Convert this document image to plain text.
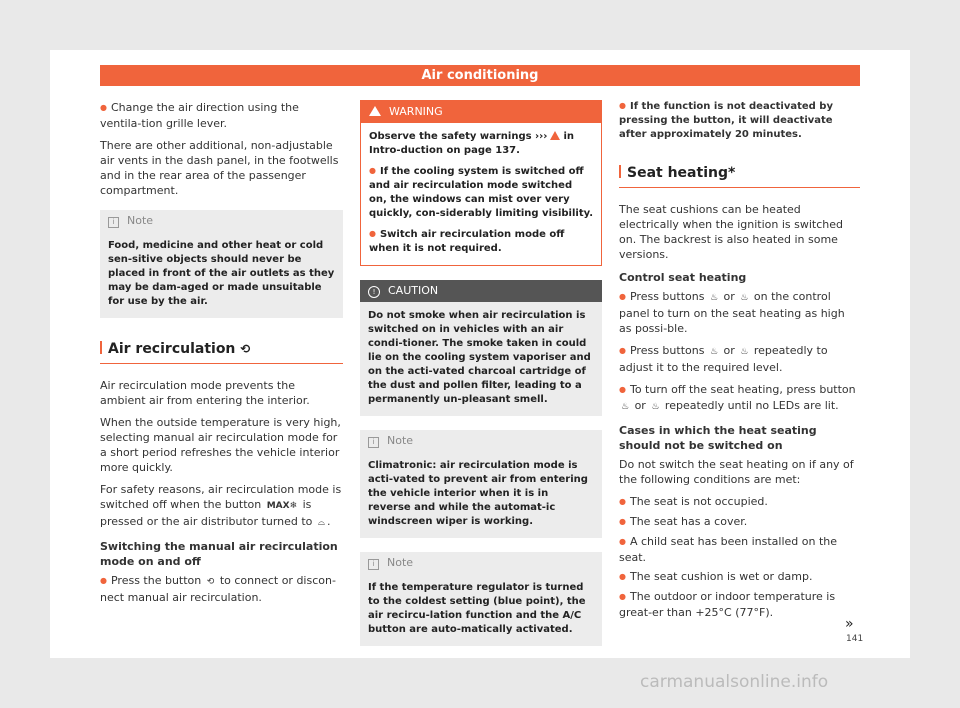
Air conditioning

● Change the air direction using the ventila-tion grille lever.

There are other additional, non-adjustable air vents in the dash panel, in the footwells and in the rear area of the passenger compartment.

i Note
Food, medicine and other heat or cold sen-sitive objects should never be placed in front of the air outlets as they may be dam-aged or made unsuitable for use by the air.
Air recirculation ⟲

Air recirculation mode prevents the ambient air from entering the interior.

When the outside temperature is very high, selecting manual air recirculation mode for a short period refreshes the vehicle interior more quickly.

For safety reasons, air recirculation mode is switched off when the button MAX❄ is pressed or the air distributor turned to ⌓ .

Switching the manual air recirculation mode on and off

● Press the button ⟲ to connect or discon-nect manual air recirculation.

WARNING

Observe the safety warnings ››› in Intro-duction on page 137.

● If the cooling system is switched off and air recirculation mode switched on, the windows can mist over very quickly, con-siderably limiting visibility.

● Switch air recirculation mode off when it is not required.

! CAUTION
Do not smoke when air recirculation is switched on in vehicles with an air condi-tioner. The smoke taken in could lie on the cooling system vaporiser and on the acti-vated charcoal cartridge of the dust and pollen filter, leading to a permanently un-pleasant smell.
i Note
Climatronic: air recirculation mode is acti-vated to prevent air from entering the vehicle interior when it is in reverse and while the automat-ic windscreen wiper is working.
i Note
If the temperature regulator is turned to the coldest setting (blue point), the air recircu-lation function and the A/C button are auto-matically activated.

● If the function is not deactivated by pressing the button, it will deactivate after approximately 20 minutes.

Seat heating*

The seat cushions can be heated electrically when the ignition is switched on. The backrest is also heated in some versions.

Control seat heating

● Press buttons ♨ or ♨ on the control panel to turn on the seat heating as high as possi-ble.

● Press buttons ♨ or ♨ repeatedly to adjust it to the required level.

● To turn off the seat heating, press button ♨ or ♨ repeatedly until no LEDs are lit.

Cases in which the heat seating should not be switched on

Do not switch the seat heating on if any of the following conditions are met:

● The seat is not occupied.

● The seat has a cover.

● A child seat has been installed on the seat.

● The seat cushion is wet or damp.

● The outdoor or indoor temperature is great-er than +25°C (77°F).

»
141
carmanualsonline.info
